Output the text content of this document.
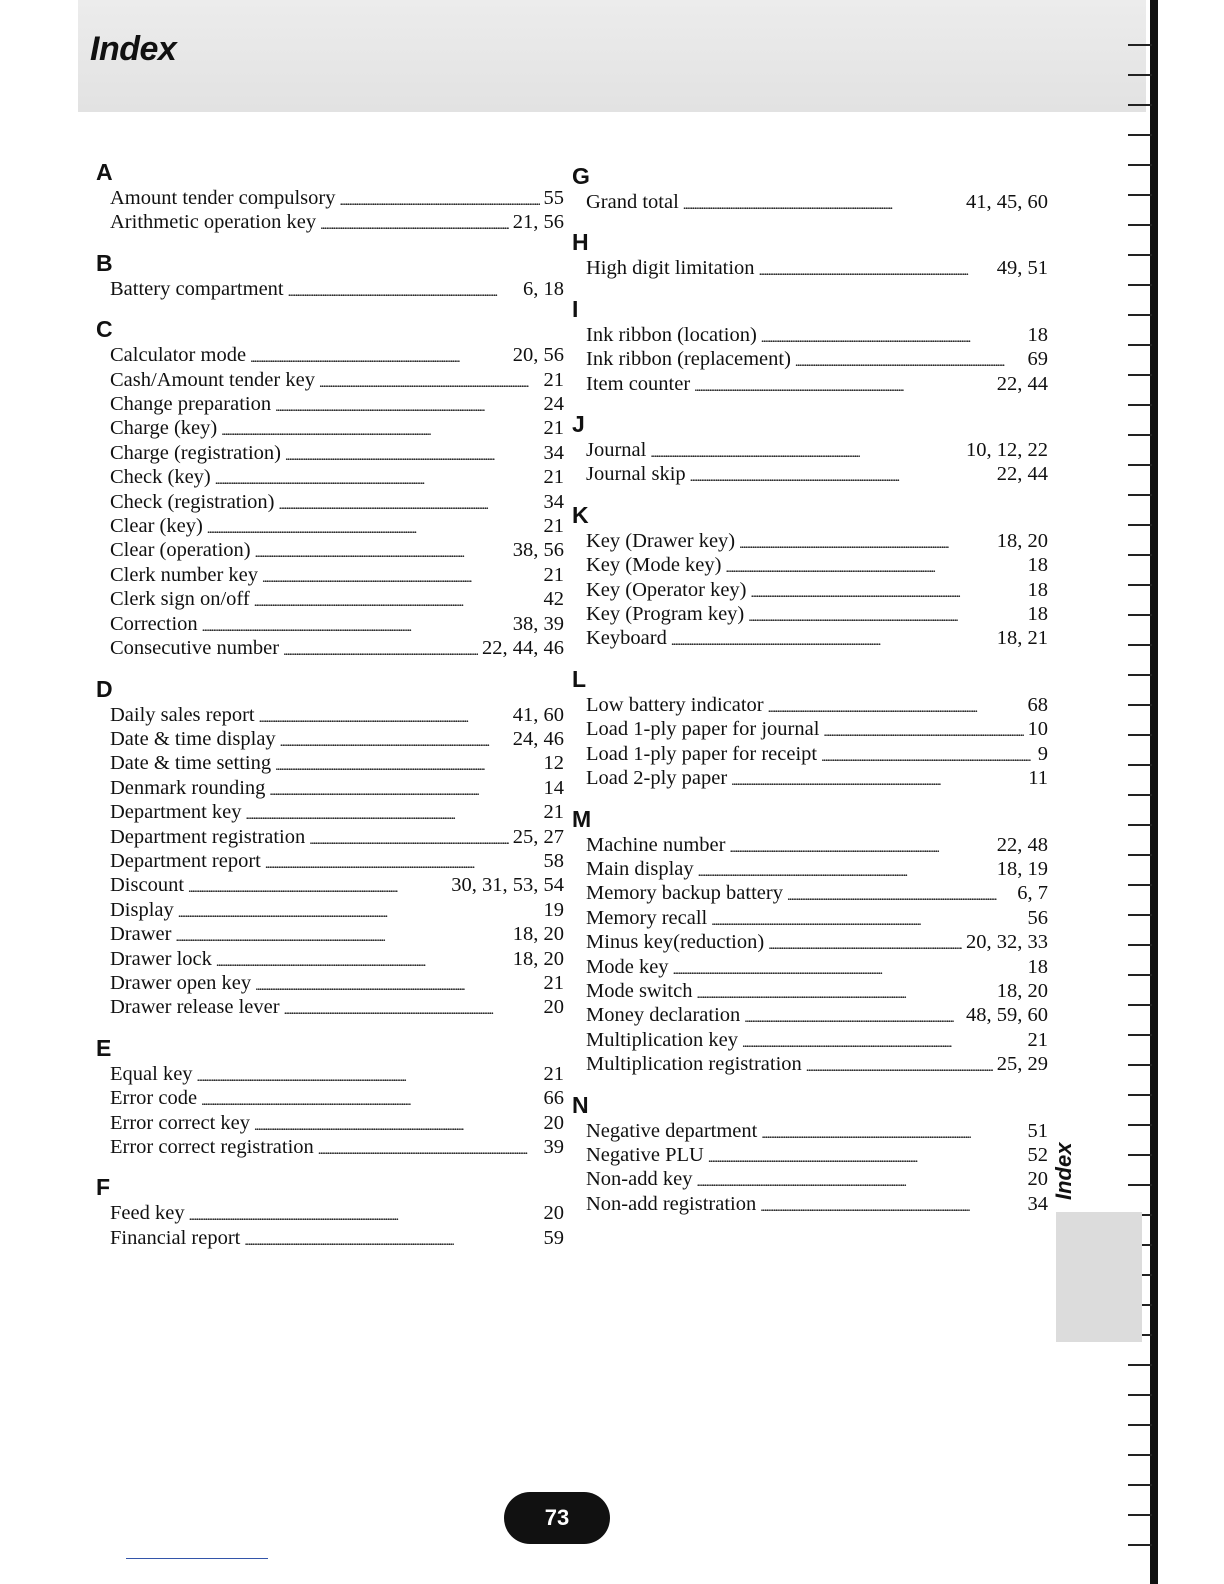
Index
Index
A
Amount tender compulsory . . .	55
Arithmetic operation key . . .	21, 56
B
Battery compartment . . .	6, 18
C
Calculator mode . . .	20, 56
Cash/Amount tender key . . .	21
Change preparation . . .	24
Charge (key) . . .	21
Charge (registration) . . .	34
Check (key) . . .	21
Check (registration) . . .	34
Clear (key) . . .	21
Clear (operation) . . .	38, 56
Clerk number key . . .	21
Clerk sign on/off . . .	42
Correction . . .	38, 39
Consecutive number . . .	22, 44, 46
D
Daily sales report . . .	41, 60
Date & time display . . .	24, 46
Date & time setting . . .	12
Denmark rounding . . .	14
Department key . . .	21
Department registration . . .	25, 27
Department report . . .	58
Discount . . .	30, 31, 53, 54
Display . . .	19
Drawer . . .	18, 20
Drawer lock . . .	18, 20
Drawer open key . . .	21
Drawer release lever . . .	20
E
Equal key . . .	21
Error code . . .	66
Error correct key . . .	20
Error correct registration . . .	39
F
Feed key . . .	20
Financial report . . .	59
G
Grand total . . .	41, 45, 60
H
High digit limitation . . .	49, 51
I
Ink ribbon (location) . . .	18
Ink ribbon (replacement) . . .	69
Item counter . . .	22, 44
J
Journal . . .	10, 12, 22
Journal skip . . .	22, 44
K
Key (Drawer key) . . .	18, 20
Key (Mode key) . . .	18
Key (Operator key) . . .	18
Key (Program key) . . .	18
Keyboard . . .	18, 21
L
Low battery indicator . . .	68
Load 1-ply paper for journal . . .	10
Load 1-ply paper for receipt . . .	9
Load 2-ply paper . . .	11
M
Machine number . . .	22, 48
Main display . . .	18, 19
Memory backup battery . . .	6, 7
Memory recall . . .	56
Minus key(reduction) . . .	20, 32, 33
Mode key . . .	18
Mode switch . . .	18, 20
Money declaration . . .	48, 59, 60
Multiplication key . . .	21
Multiplication registration . . .	25, 29
N
Negative department . . .	51
Negative PLU . . .	52
Non-add key . . .	20
Non-add registration . . .	34
73
